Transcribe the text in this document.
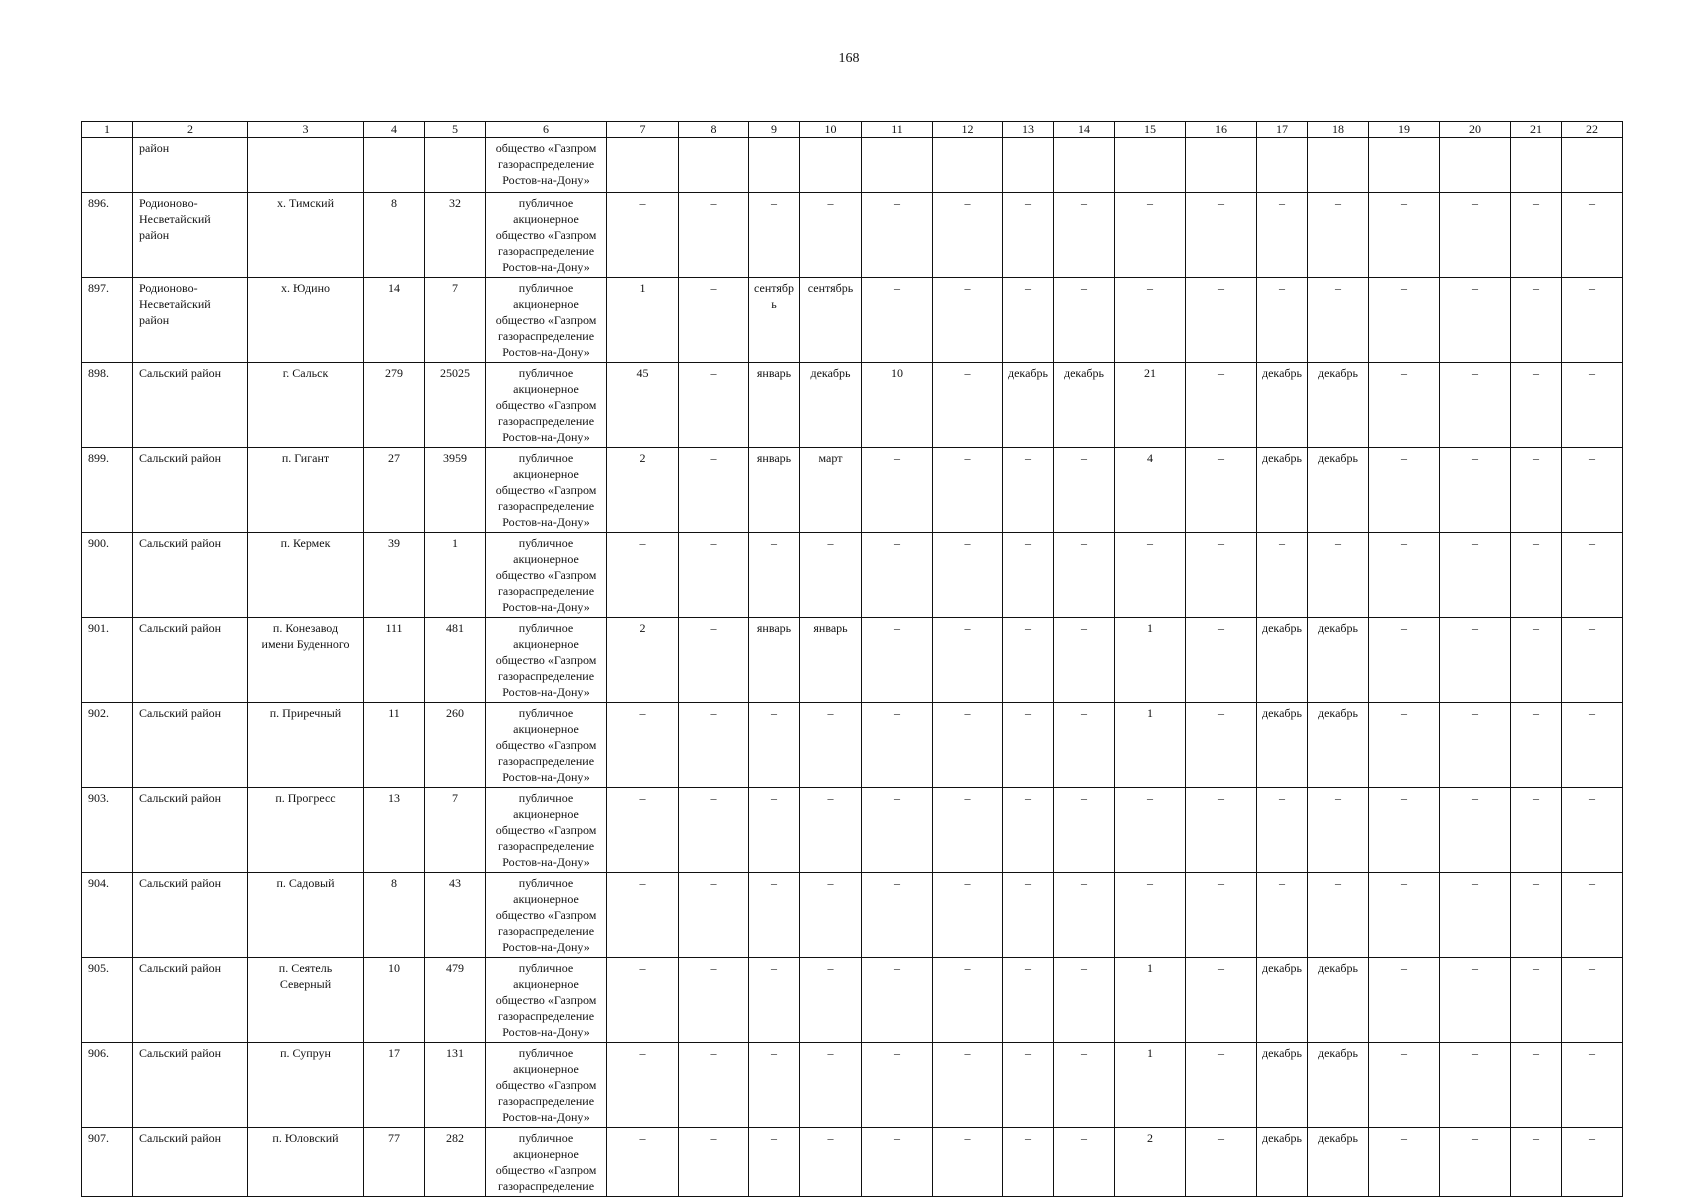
168
1	2	3	4	5	6	7	8	9	10	11	12	13	14	15	16	17	18	19	20	21	22
	район				общество «Газпром
газораспределение
Ростов-на-Дону»																

896.	Родионово-
Несветайский
район	х. Тимский	8	32	публичное
акционерное
общество «Газпром
газораспределение
Ростов-на-Дону»	–	–	–	–	–	–	–	–	–	–	–	–	–	–	–	–
897.	Родионово-
Несветайский
район	х. Юдино	14	7	публичное
акционерное
общество «Газпром
газораспределение
Ростов-на-Дону»	1	–	сентябрь	сентябрь	–	–	–	–	–	–	–	–	–	–	–	–
898.	Сальский район	г. Сальск	279	25025	публичное
акционерное
общество «Газпром
газораспределение
Ростов-на-Дону»	45	–	январь	декабрь	10	–	декабрь	декабрь	21	–	декабрь	декабрь	–	–	–	–
899.	Сальский район	п. Гигант	27	3959	публичное
акционерное
общество «Газпром
газораспределение
Ростов-на-Дону»	2	–	январь	март	–	–	–	–	4	–	декабрь	декабрь	–	–	–	–
900.	Сальский район	п. Кермек	39	1	публичное
акционерное
общество «Газпром
газораспределение
Ростов-на-Дону»	–	–	–	–	–	–	–	–	–	–	–	–	–	–	–	–
901.	Сальский район	п. Конезавод
имени Буденного	111	481	публичное
акционерное
общество «Газпром
газораспределение
Ростов-на-Дону»	2	–	январь	январь	–	–	–	–	1	–	декабрь	декабрь	–	–	–	–
902.	Сальский район	п. Приречный	11	260	публичное
акционерное
общество «Газпром
газораспределение
Ростов-на-Дону»	–	–	–	–	–	–	–	–	1	–	декабрь	декабрь	–	–	–	–
903.	Сальский район	п. Прогресс	13	7	публичное
акционерное
общество «Газпром
газораспределение
Ростов-на-Дону»	–	–	–	–	–	–	–	–	–	–	–	–	–	–	–	–
904.	Сальский район	п. Садовый	8	43	публичное
акционерное
общество «Газпром
газораспределение
Ростов-на-Дону»	–	–	–	–	–	–	–	–	–	–	–	–	–	–	–	–
905.	Сальский район	п. Сеятель
Северный	10	479	публичное
акционерное
общество «Газпром
газораспределение
Ростов-на-Дону»	–	–	–	–	–	–	–	–	1	–	декабрь	декабрь	–	–	–	–
906.	Сальский район	п. Супрун	17	131	публичное
акционерное
общество «Газпром
газораспределение
Ростов-на-Дону»	–	–	–	–	–	–	–	–	1	–	декабрь	декабрь	–	–	–	–
907.	Сальский район	п. Юловский	77	282	публичное
акционерное
общество «Газпром
газораспределение	–	–	–	–	–	–	–	–	2	–	декабрь	декабрь	–	–	–	–
